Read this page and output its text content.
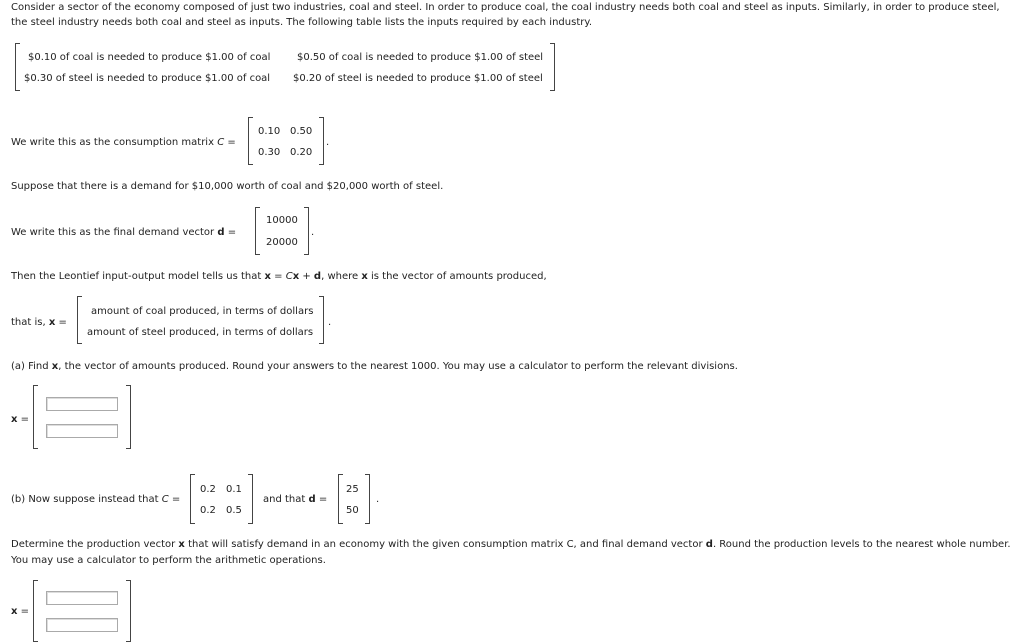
Consider a sector of the economy composed of just two industries, coal and steel. In order to produce coal, the coal industry needs both coal and steel as inputs. Similarly, in order to produce steel,
the steel industry needs both coal and steel as inputs. The following table lists the inputs required by each industry.
$0.10 of coal is needed to produce $1.00 of coal	$0.50 of coal is needed to produce $1.00 of steel
$0.30 of steel is needed to produce $1.00 of coal $0.20 of steel is needed to produce $1.00 of steel
We write this as the consumption matrix C =
0.10 0.50
0.30 0.20
.
Suppose that there is a demand for $10,000 worth of coal and $20,000 worth of steel.
We write this as the final demand vector d =
10000
20000
.
Then the Leontief input-output model tells us that x = Cx + d, where x is the vector of amounts produced,
that is, x =
amount of coal produced, in terms of dollars
amount of steel produced, in terms of dollars
.
(a) Find x, the vector of amounts produced. Round your answers to the nearest 1000. You may use a calculator to perform the relevant divisions.
x =
(b) Now suppose instead that C =
0.2 0.1
0.2 0.5
and that d =
25
50
.
Determine the production vector x that will satisfy demand in an economy with the given consumption matrix C, and final demand vector d. Round the production levels to the nearest whole number.
You may use a calculator to perform the arithmetic operations.
x =
